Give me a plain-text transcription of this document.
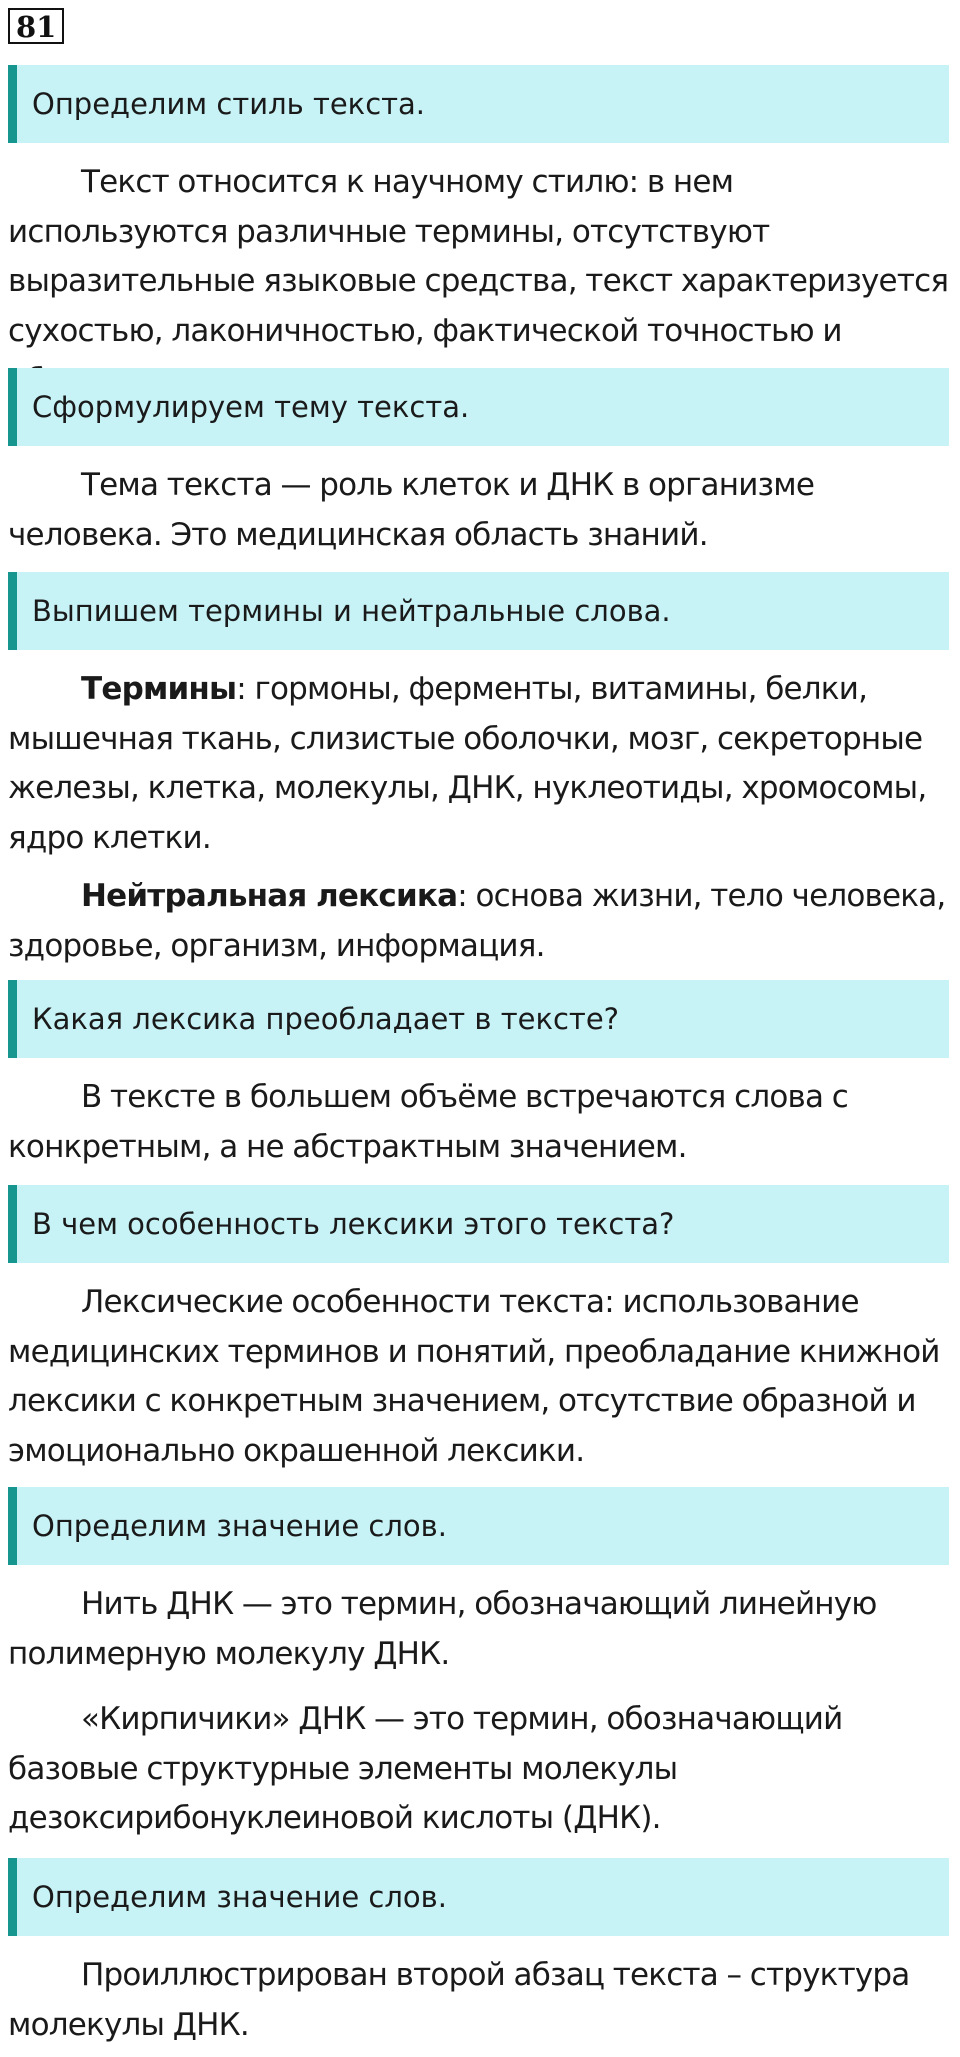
81
Определим стиль текста.
Текст относится к научному стилю: в нем используются различные термины, отсутствуют выразительные языковые средства, текст характеризуется сухостью, лаконичностью, фактической точностью и
Сформулируем тему текста.
Тема текста — роль клеток и ДНК в организме человека. Это медицинская область знаний.
Выпишем термины и нейтральные слова.
Термины: гормоны, ферменты, витамины, белки, мышечная ткань, слизистые оболочки, мозг, секреторные железы, клетка, молекулы, ДНК, нуклеотиды, хромосомы, ядро клетки.
Нейтральная лексика: основа жизни, тело человека, здоровье, организм, информация.
Какая лексика преобладает в тексте?
В тексте в большем объёме встречаются слова с конкретным, а не абстрактным значением.
В чем особенность лексики этого текста?
Лексические особенности текста: использование медицинских терминов и понятий, преобладание книжной лексики с конкретным значением, отсутствие образной и эмоционально окрашенной лексики.
Определим значение слов.
Нить ДНК — это термин, обозначающий линейную полимерную молекулу ДНК.
«Кирпичики» ДНК — это термин, обозначающий базовые структурные элементы молекулы дезоксирибонуклеиновой кислоты (ДНК).
Определим значение слов.
Проиллюстрирован второй абзац текста – структура молекулы ДНК.
